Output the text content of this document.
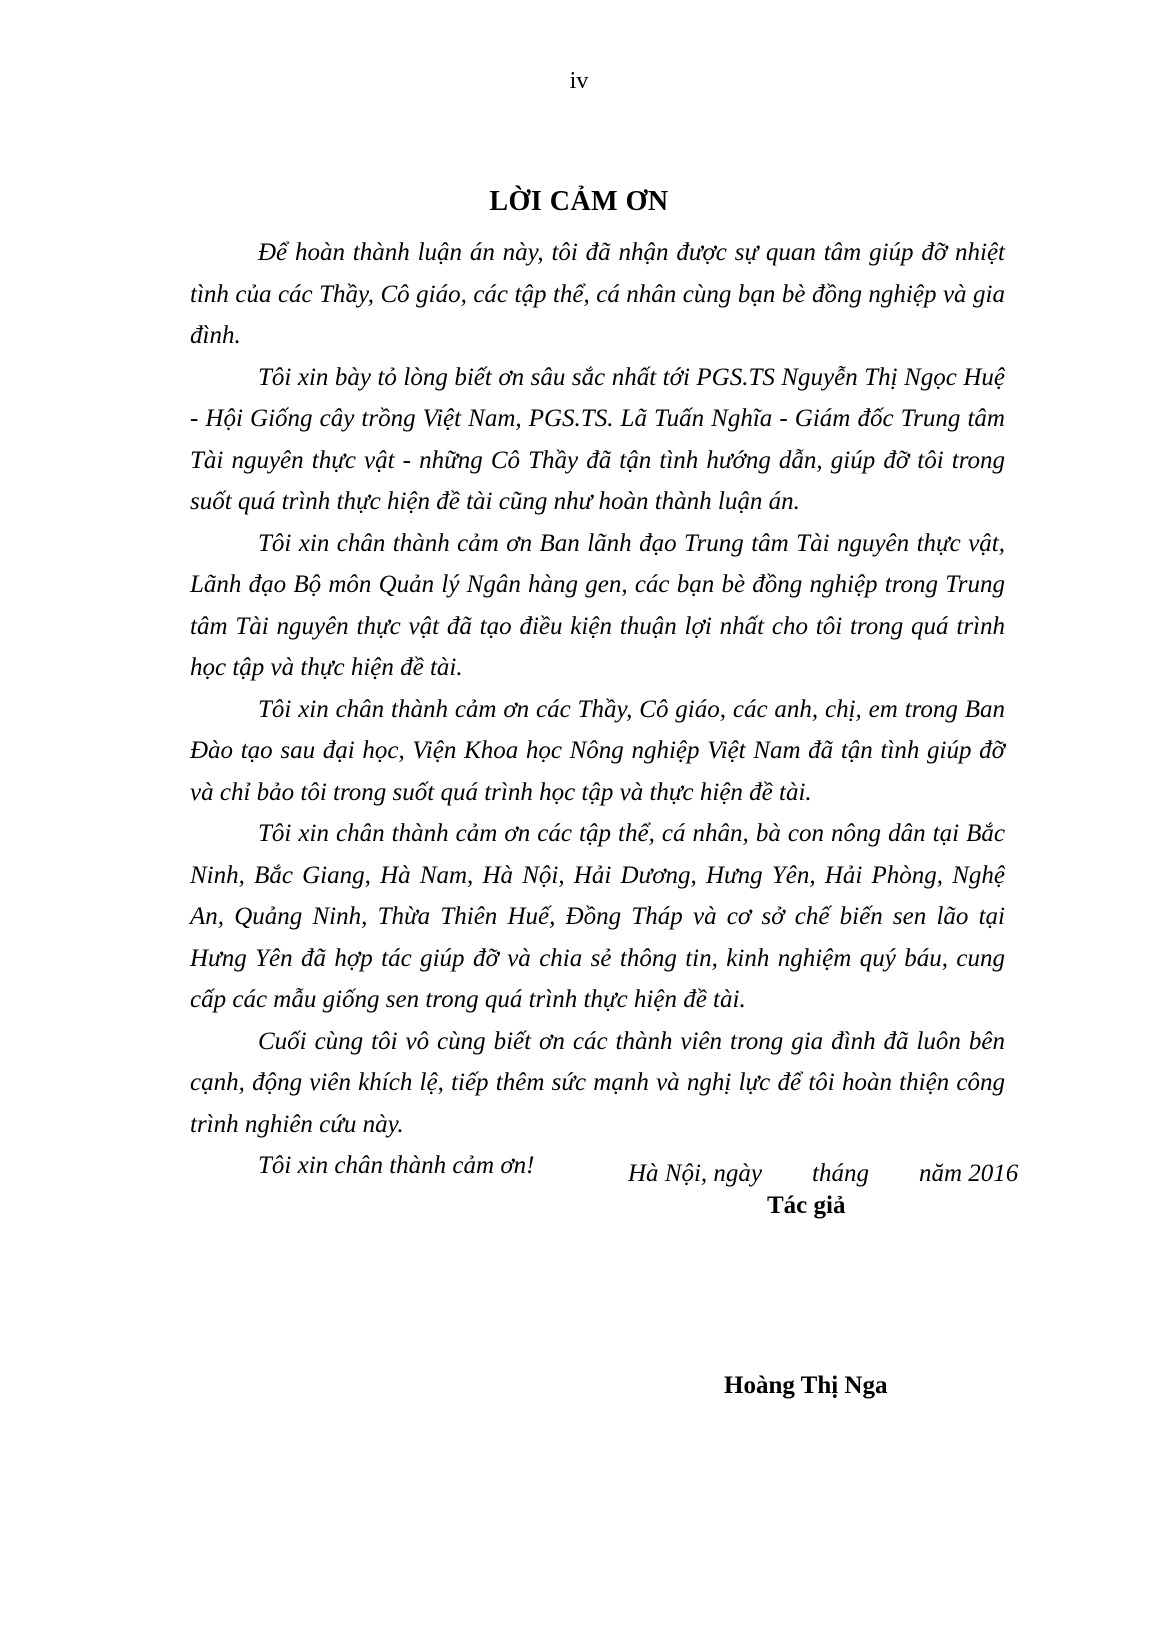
iv
LỜI CẢM ƠN

Để hoàn thành luận án này, tôi đã nhận được sự quan tâm giúp đỡ nhiệt tình của các Thầy, Cô giáo, các tập thể, cá nhân cùng bạn bè đồng nghiệp và gia đình.

Tôi xin bày tỏ lòng biết ơn sâu sắc nhất tới PGS.TS Nguyễn Thị Ngọc Huệ - Hội Giống cây trồng Việt Nam, PGS.TS. Lã Tuấn Nghĩa - Giám đốc Trung tâm Tài nguyên thực vật - những Cô Thầy đã tận tình hướng dẫn, giúp đỡ tôi trong suốt quá trình thực hiện đề tài cũng như hoàn thành luận án.

Tôi xin chân thành cảm ơn Ban lãnh đạo Trung tâm Tài nguyên thực vật, Lãnh đạo Bộ môn Quản lý Ngân hàng gen, các bạn bè đồng nghiệp trong Trung tâm Tài nguyên thực vật đã tạo điều kiện thuận lợi nhất cho tôi trong quá trình học tập và thực hiện đề tài.

Tôi xin chân thành cảm ơn các Thầy, Cô giáo, các anh, chị, em trong Ban Đào tạo sau đại học, Viện Khoa học Nông nghiệp Việt Nam đã tận tình giúp đỡ và chỉ bảo tôi trong suốt quá trình học tập và thực hiện đề tài.

Tôi xin chân thành cảm ơn các tập thể, cá nhân, bà con nông dân tại Bắc Ninh, Bắc Giang, Hà Nam, Hà Nội, Hải Dương, Hưng Yên, Hải Phòng, Nghệ An, Quảng Ninh, Thừa Thiên Huế, Đồng Tháp và cơ sở chế biến sen lão tại Hưng Yên đã hợp tác giúp đỡ và chia sẻ thông tin, kinh nghiệm quý báu, cung cấp các mẫu giống sen trong quá trình thực hiện đề tài.

Cuối cùng tôi vô cùng biết ơn các thành viên trong gia đình đã luôn bên cạnh, động viên khích lệ, tiếp thêm sức mạnh và nghị lực để tôi hoàn thiện công trình nghiên cứu này.

Tôi xin chân thành cảm ơn!	Hà Nội, ngày        tháng        năm 2016
Tác giả
Hoàng Thị Nga
